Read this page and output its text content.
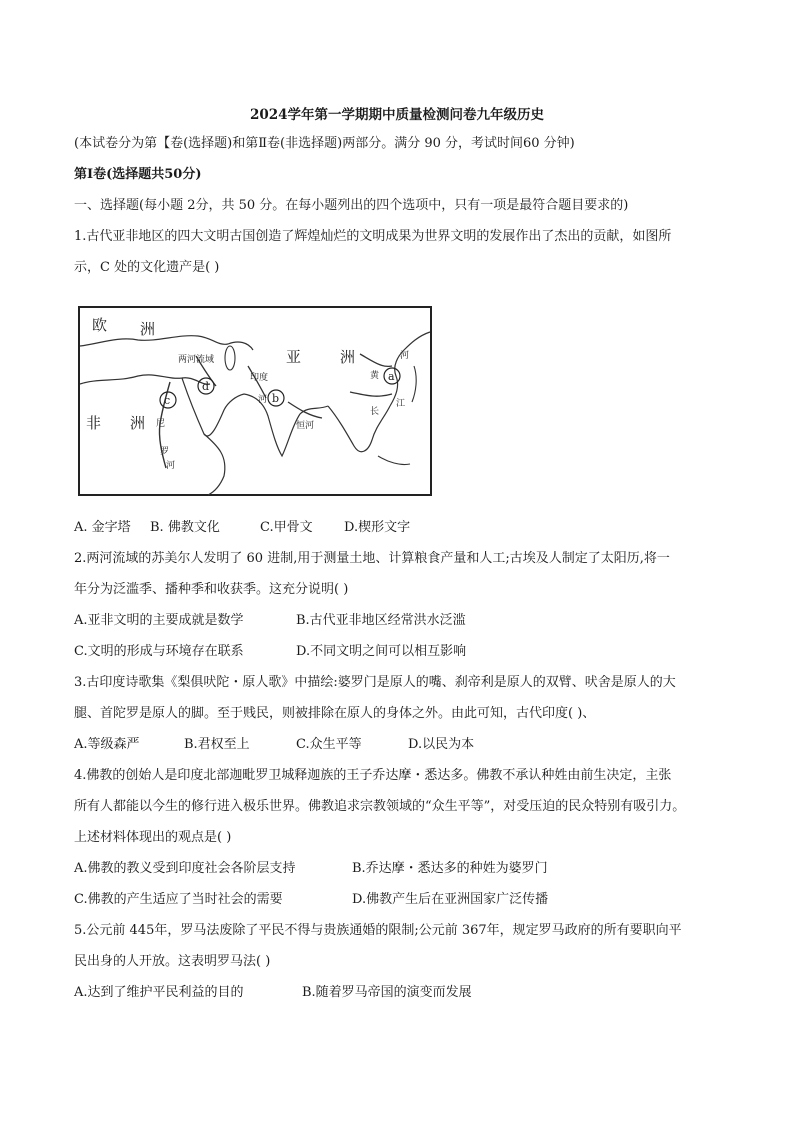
2024学年第一学期期中质量检测问卷九年级历史
(本试卷分为第【卷(选择题)和第Ⅱ卷(非选择题)两部分。满分 90 分，考试时间60 分钟)
第Ⅰ卷(选择题共50分)
一、选择题(每小题 2分，共 50 分。在每小题列出的四个选项中，只有一项是最符合题目要求的)
1.古代亚非地区的四大文明古国创造了辉煌灿烂的文明成果为世界文明的发展作出了杰出的贡献，如图所
示，C 处的文化遗产是( )
欧 洲
亚	洲
非 洲
两河流域
印度
河
恒河
尼
罗
河
黄
河
长
江
a
b
c
d
A. 金字塔 B. 佛教文化	C.甲骨文 D.楔形文字
2.两河流域的苏美尔人发明了 60 进制,用于测量土地、计算粮食产量和人工;古埃及人制定了太阳历,将一
年分为泛滥季、播种季和收获季。这充分说明( )
A.亚非文明的主要成就是数学	B.古代亚非地区经常洪水泛滥
C.文明的形成与环境存在联系	D.不同文明之间可以相互影响
3.古印度诗歌集《梨俱吠陀・原人歌》中描绘:婆罗门是原人的嘴、刹帝利是原人的双臂、吠舍是原人的大
腿、首陀罗是原人的脚。至于贱民，则被排除在原人的身体之外。由此可知，古代印度( )、
A.等级森严	B.君权至上	C.众生平等	D.以民为本
4.佛教的创始人是印度北部迦毗罗卫城释迦族的王子乔达摩・悉达多。佛教不承认种姓由前生决定，主张
所有人都能以今生的修行进入极乐世界。佛教追求宗教领域的“众生平等”，对受压迫的民众特别有吸引力。
上述材料体现出的观点是( )
A.佛教的教义受到印度社会各阶层支持	B.乔达摩・悉达多的种姓为婆罗门
C.佛教的产生适应了当时社会的需要	D.佛教产生后在亚洲国家广泛传播
5.公元前 445年，罗马法废除了平民不得与贵族通婚的限制;公元前 367年，规定罗马政府的所有要职向平
民出身的人开放。这表明罗马法( )
A.达到了维护平民利益的目的	B.随着罗马帝国的演变而发展
